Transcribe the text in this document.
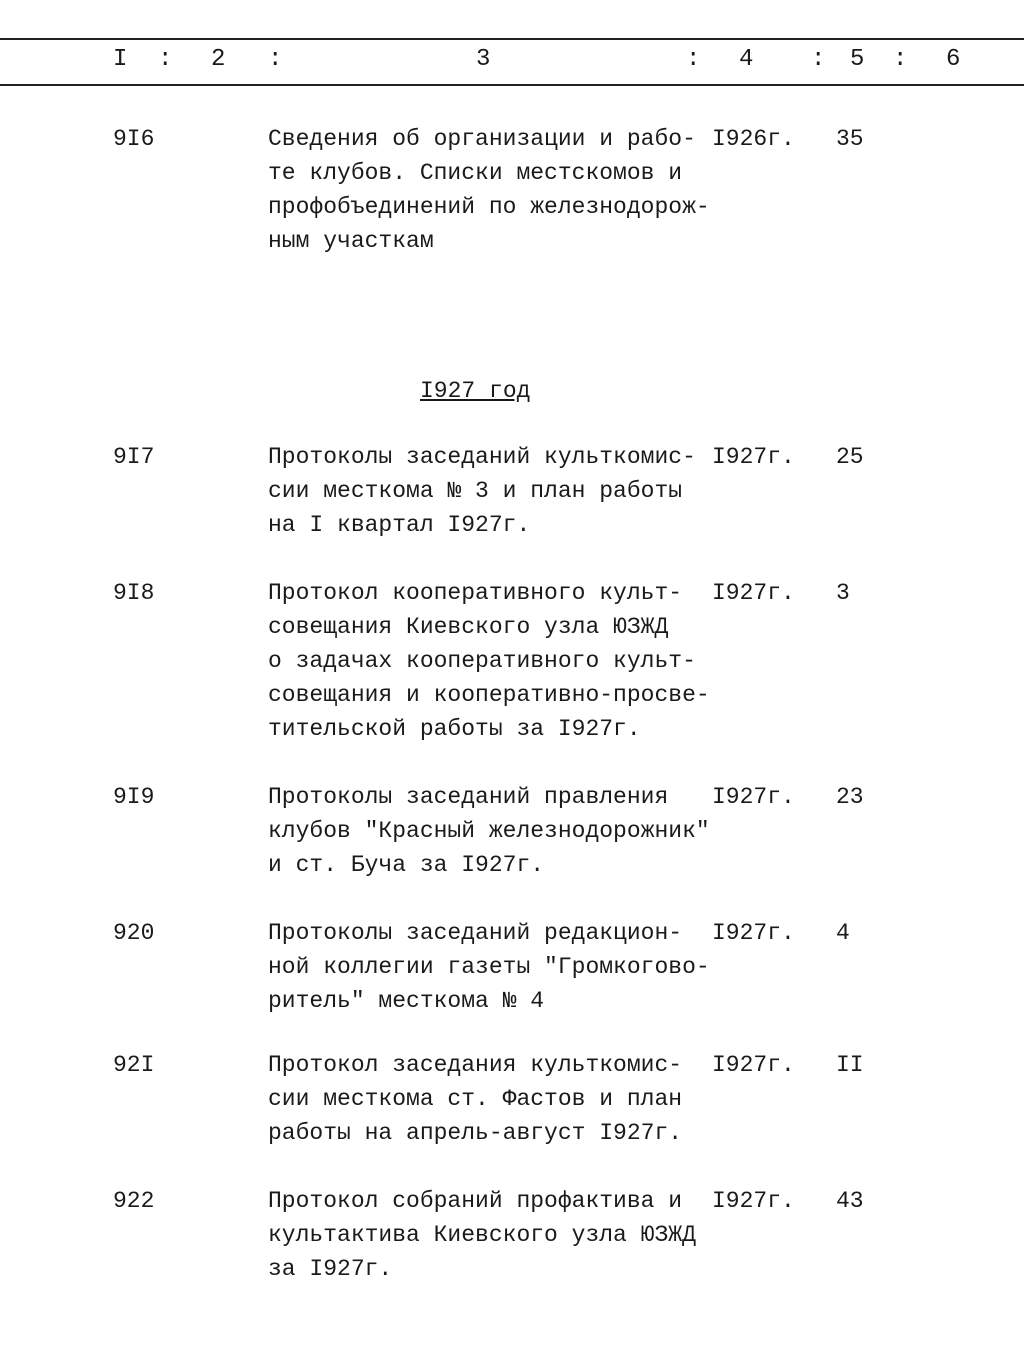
I : 2 :	3	: 4 : 5 : 6
9I6	Сведения об организации и рабо-
те клубов. Списки местскомов и
профобъединений по железнодорож-
ным участкам
I926г. 35
I927 год
9I7	Протоколы заседаний культкомис-
сии месткома № 3 и план работы
на I квартал I927г.
I927г. 25
9I8	Протокол кооперативного культ-
совещания Киевского узла ЮЗЖД
о задачах кооперативного культ-
совещания и кооперативно-просве-
тительской работы за I927г.
I927г. 3
9I9	Протоколы заседаний правления
клубов "Красный железнодорожник"
и ст. Буча за I927г.
I927г. 23
920	Протоколы заседаний редакцион-
ной коллегии газеты "Громкогово-
ритель" месткома № 4
I927г. 4
92I	Протокол заседания культкомис-
сии месткома ст. Фастов и план
работы на апрель-август I927г.
I927г. II
922	Протокол собраний профактива и
культактива Киевского узла ЮЗЖД
за I927г.
I927г. 43
